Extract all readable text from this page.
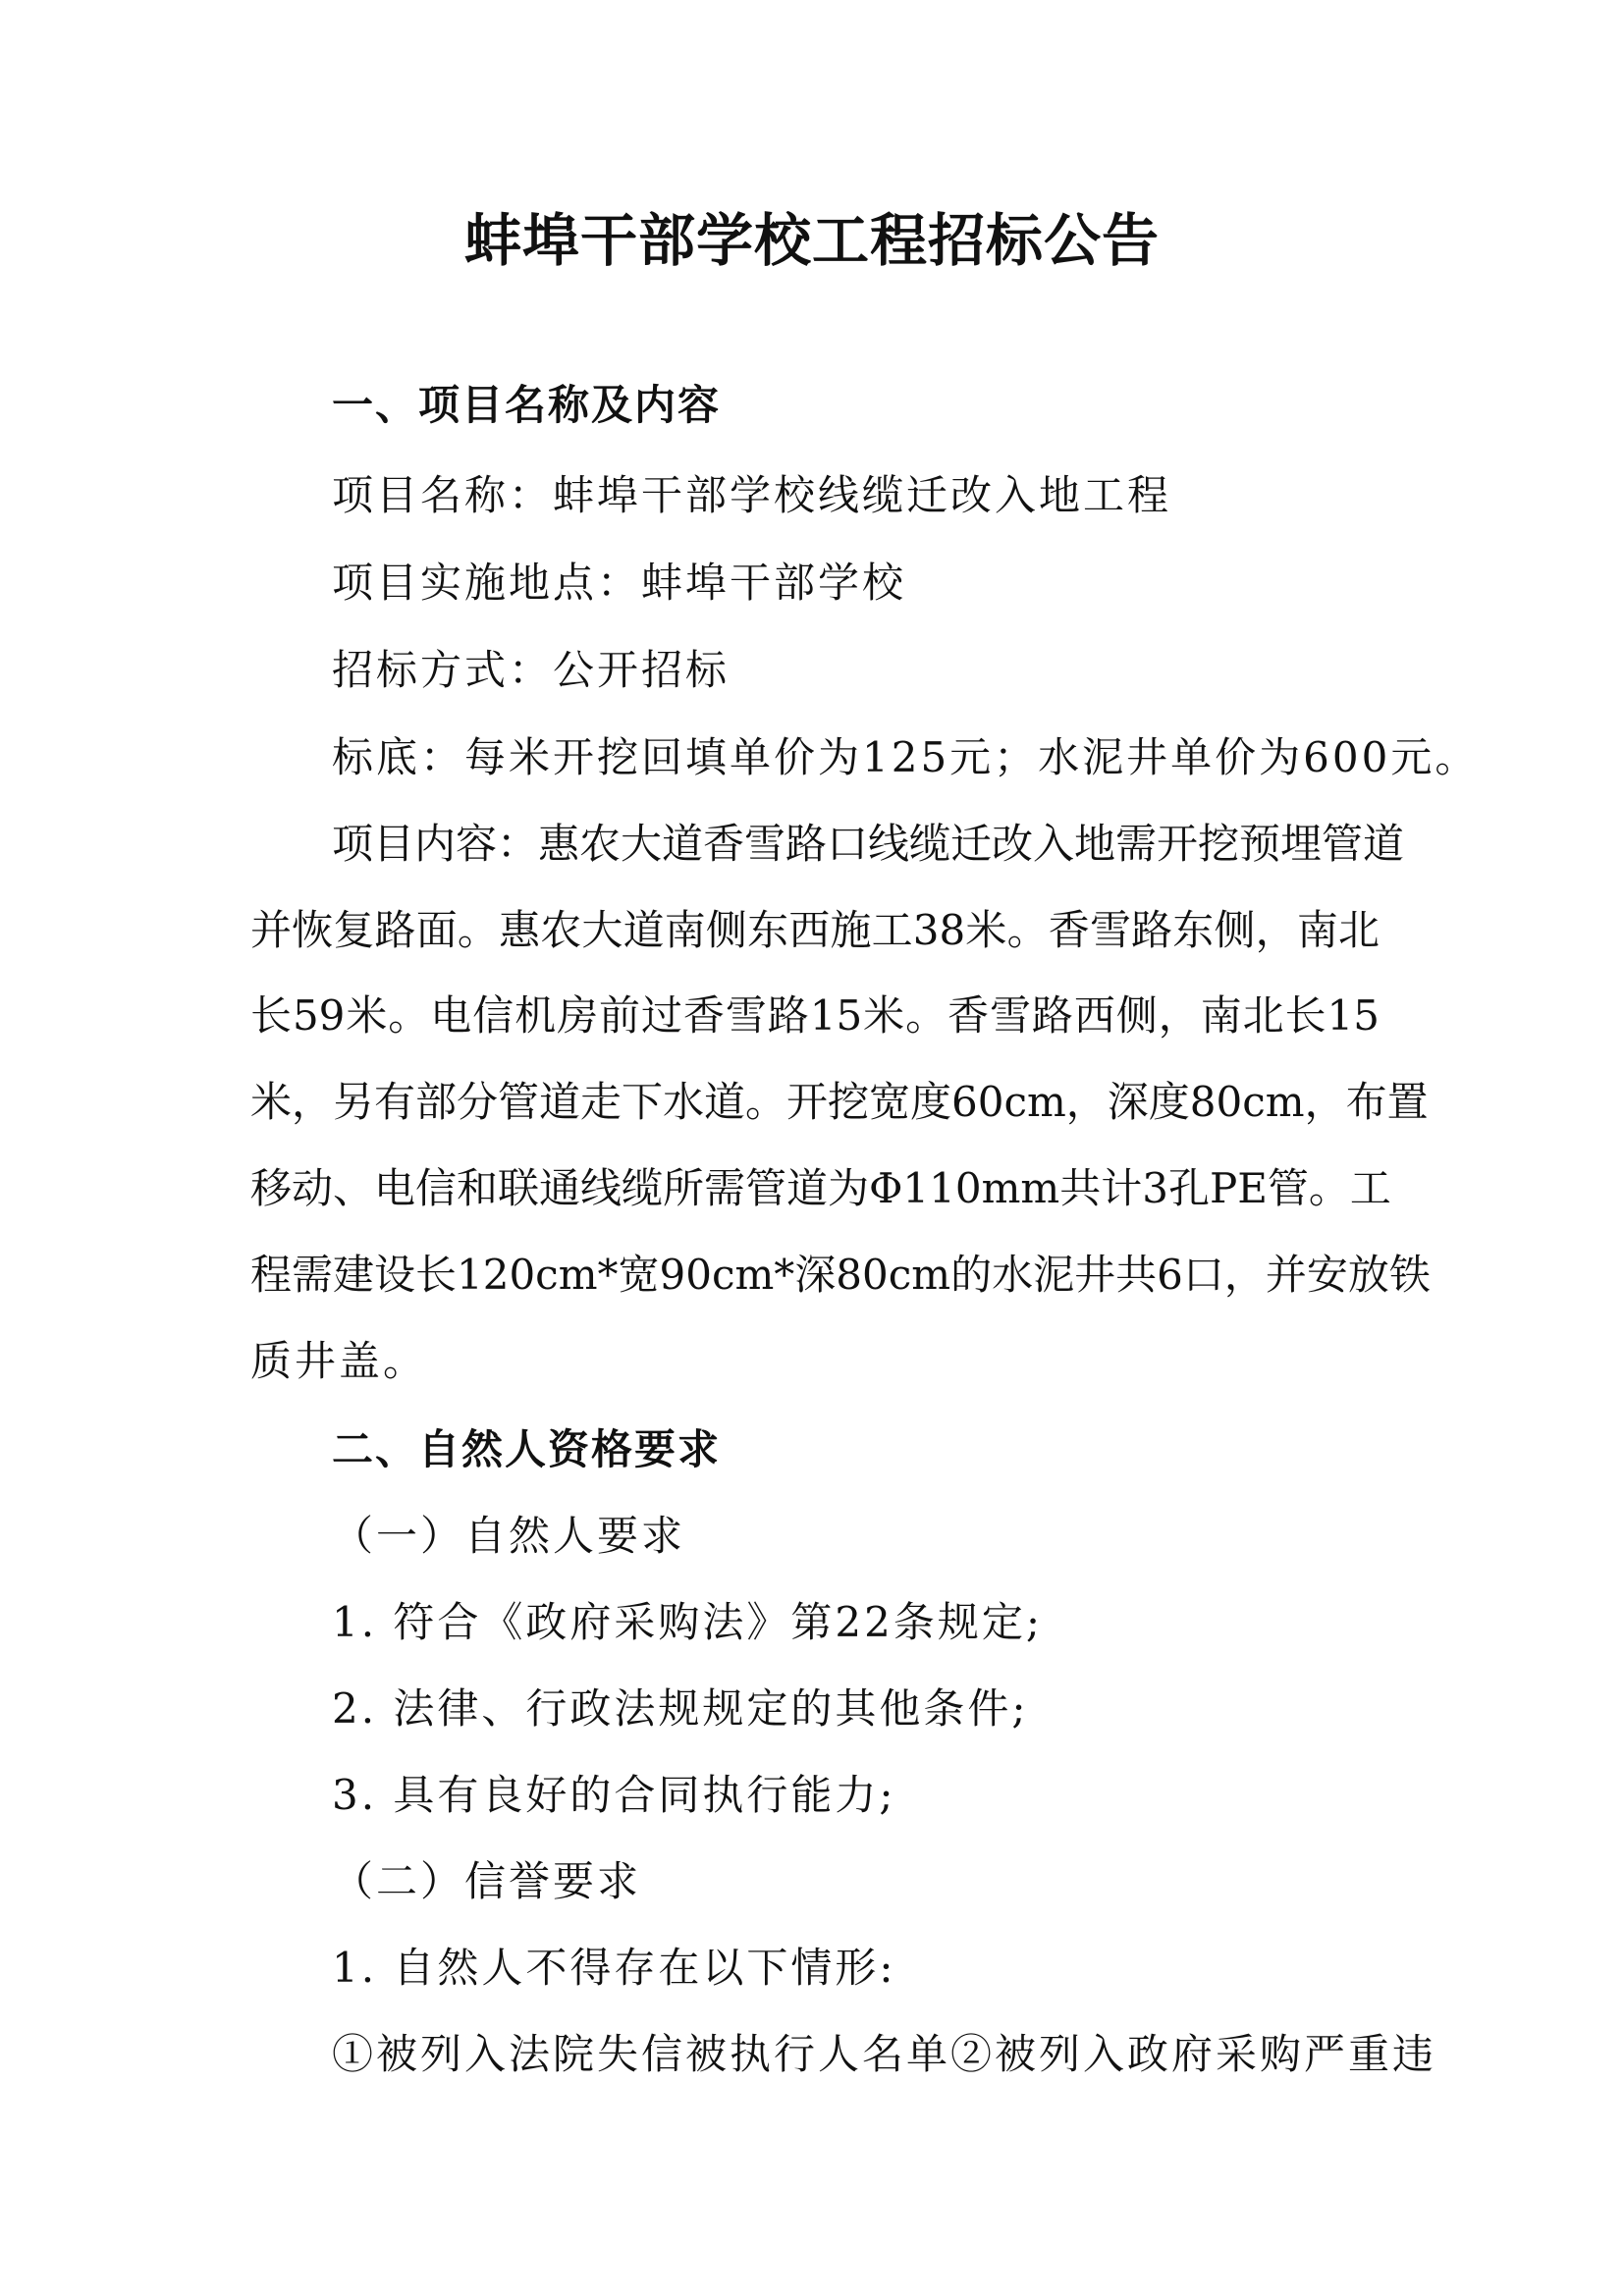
蚌埠干部学校工程招标公告
一、项目名称及内容
项目名称：蚌埠干部学校线缆迁改入地工程
项目实施地点：蚌埠干部学校
招标方式：公开招标
标底：每米开挖回填单价为125元；水泥井单价为600元。
项目内容：惠农大道香雪路口线缆迁改入地需开挖预埋管道
并恢复路面。惠农大道南侧东西施工38米。香雪路东侧，南北
长59米。电信机房前过香雪路15米。香雪路西侧，南北长15
米，另有部分管道走下水道。开挖宽度60cm，深度80cm，布置
移动、电信和联通线缆所需管道为Φ110mm共计3孔PE管。工
程需建设长120cm*宽90cm*深80cm的水泥井共6口，并安放铁
质井盖。
二、自然人资格要求
（一）自然人要求
1. 符合《政府采购法》第22条规定;
2. 法律、行政法规规定的其他条件;
3. 具有良好的合同执行能力;
（二）信誉要求
1. 自然人不得存在以下情形:
①被列入法院失信被执行人名单②被列入政府采购严重违
